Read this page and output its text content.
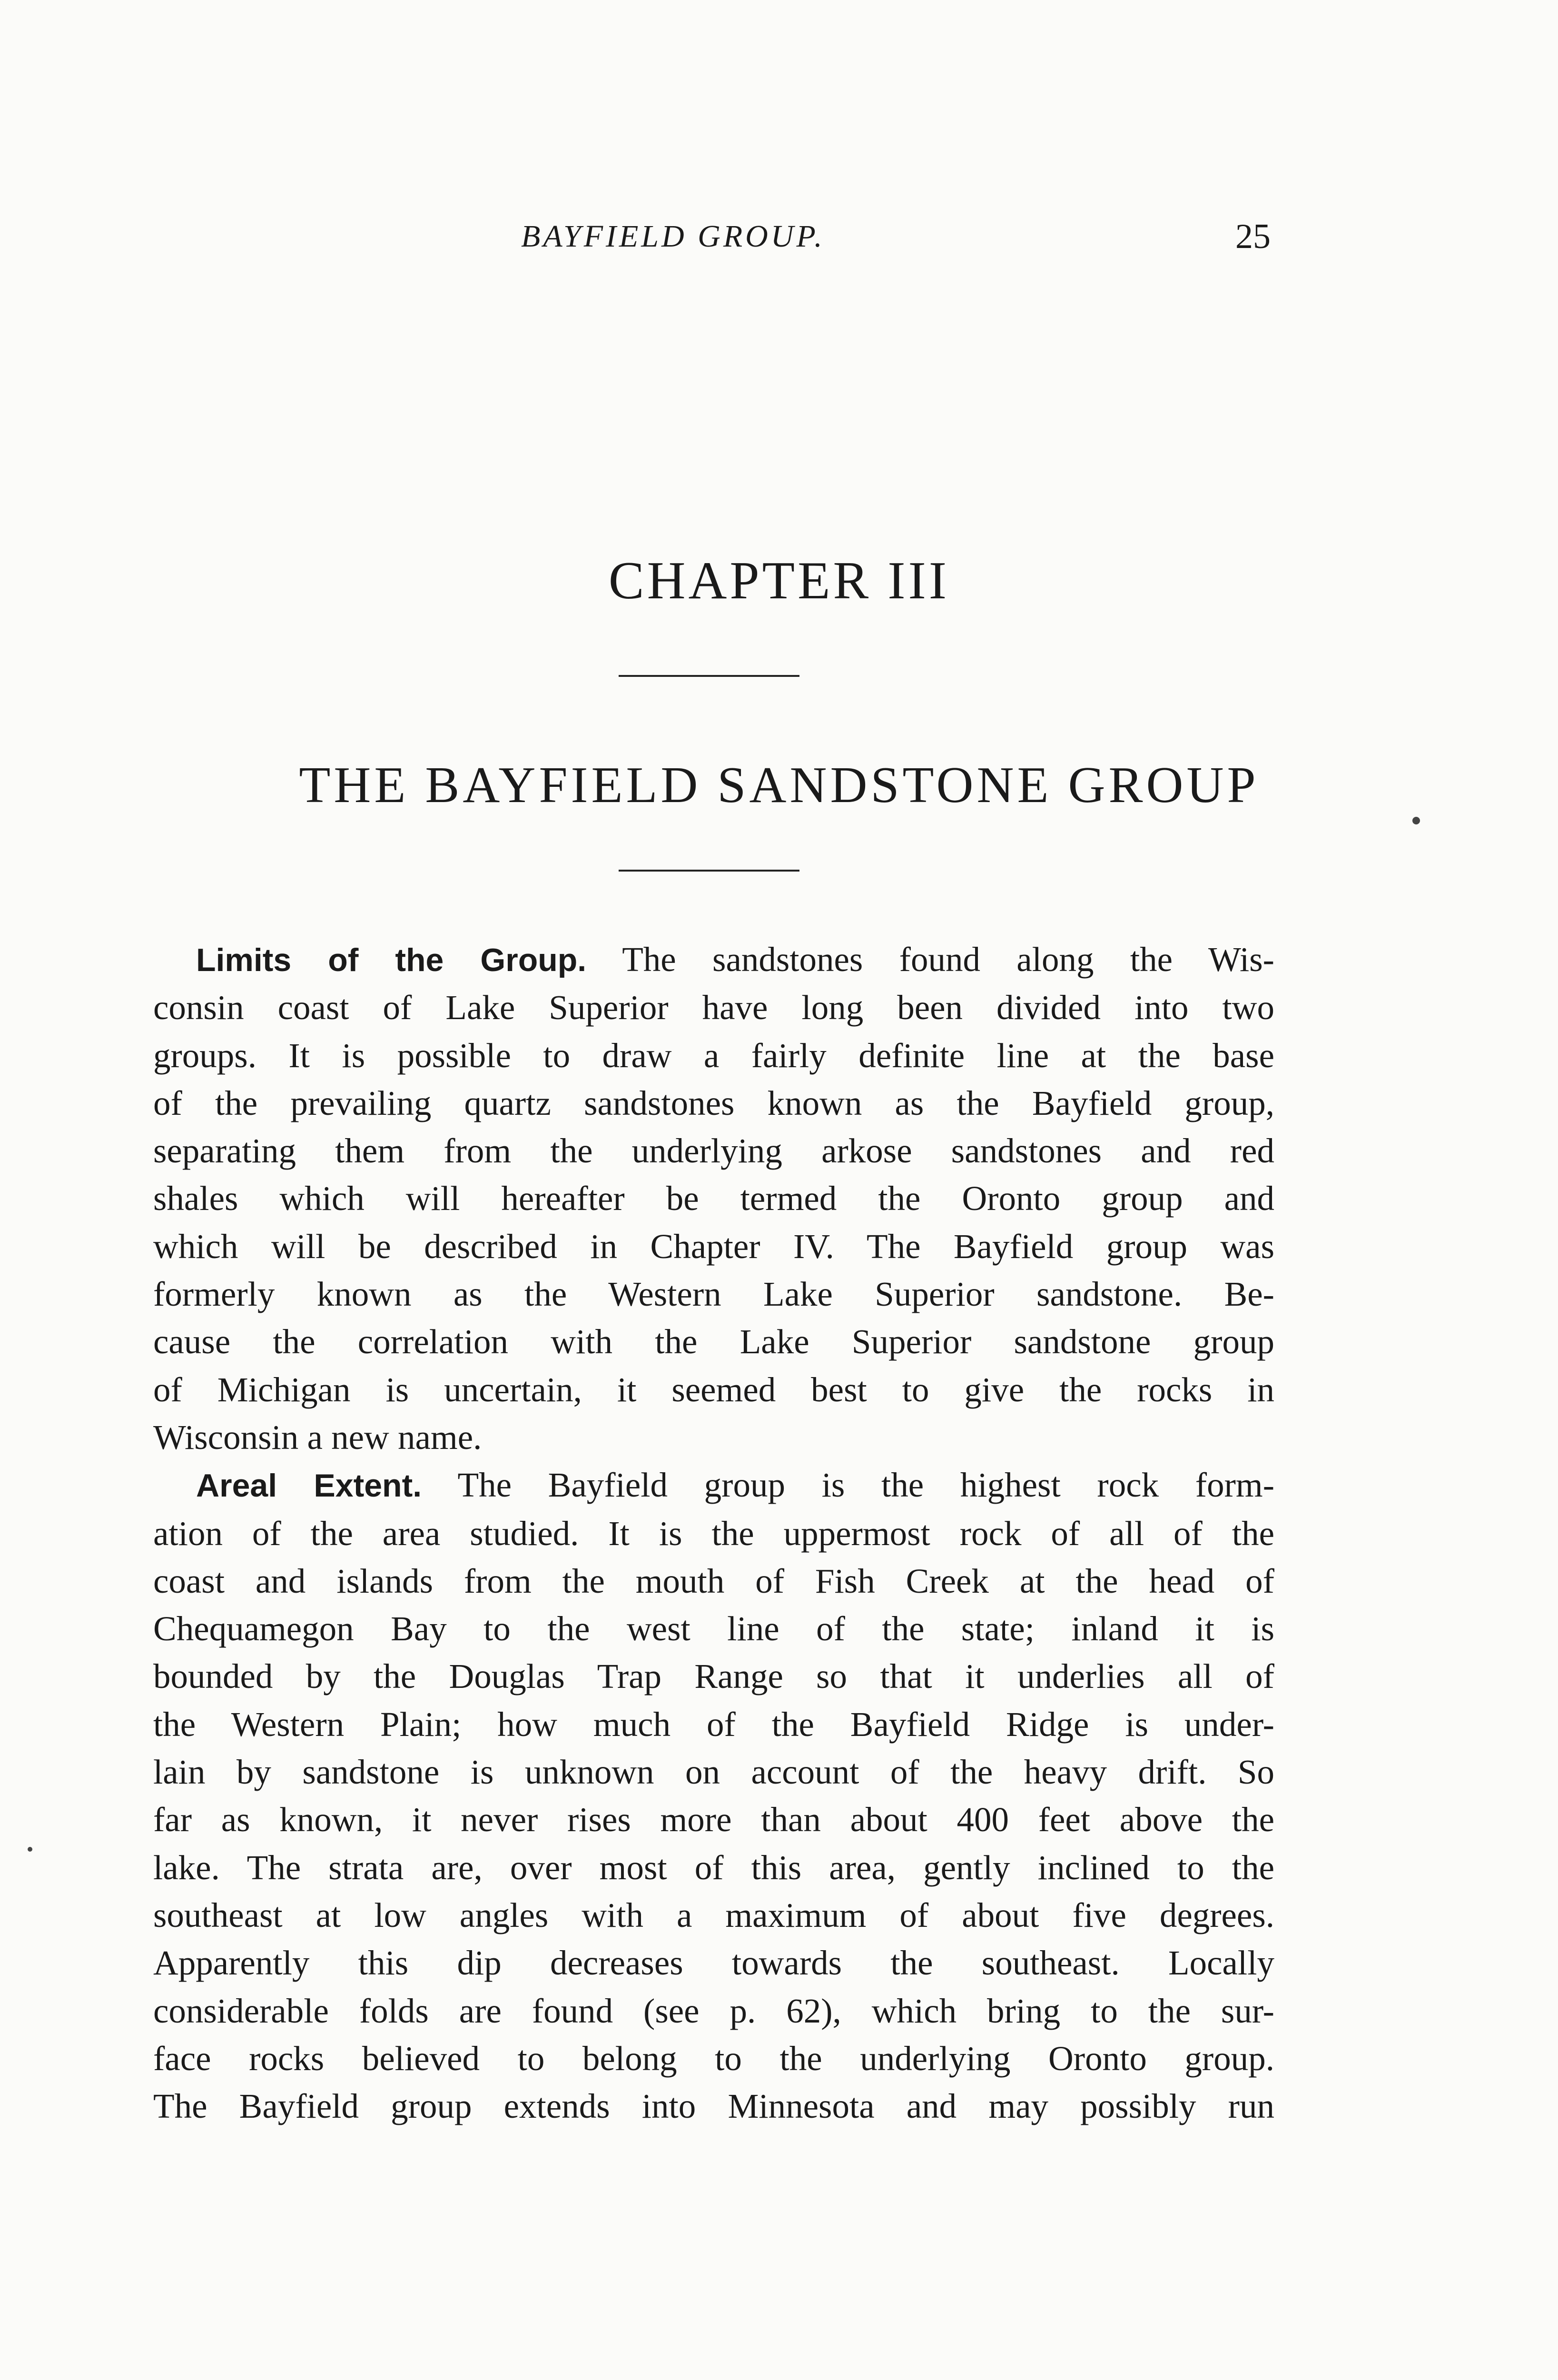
BAYFIELD GROUP.	25
CHAPTER III
THE BAYFIELD SANDSTONE GROUP
Limits of the Group. The sandstones found along the Wis-
consin coast of Lake Superior have long been divided into two
groups. It is possible to draw a fairly definite line at the base
of the prevailing quartz sandstones known as the Bayfield group,
separating them from the underlying arkose sandstones and red
shales which will hereafter be termed the Oronto group and
which will be described in Chapter IV. The Bayfield group was
formerly known as the Western Lake Superior sandstone. Be-
cause the correlation with the Lake Superior sandstone group
of Michigan is uncertain, it seemed best to give the rocks in
Wisconsin a new name.
Areal Extent. The Bayfield group is the highest rock form-
ation of the area studied. It is the uppermost rock of all of the
coast and islands from the mouth of Fish Creek at the head of
Chequamegon Bay to the west line of the state; inland it is
bounded by the Douglas Trap Range so that it underlies all of
the Western Plain; how much of the Bayfield Ridge is under-
lain by sandstone is unknown on account of the heavy drift. So
far as known, it never rises more than about 400 feet above the
lake. The strata are, over most of this area, gently inclined to the
southeast at low angles with a maximum of about five degrees.
Apparently this dip decreases towards the southeast. Locally
considerable folds are found (see p. 62), which bring to the sur-
face rocks believed to belong to the underlying Oronto group.
The Bayfield group extends into Minnesota and may possibly run
